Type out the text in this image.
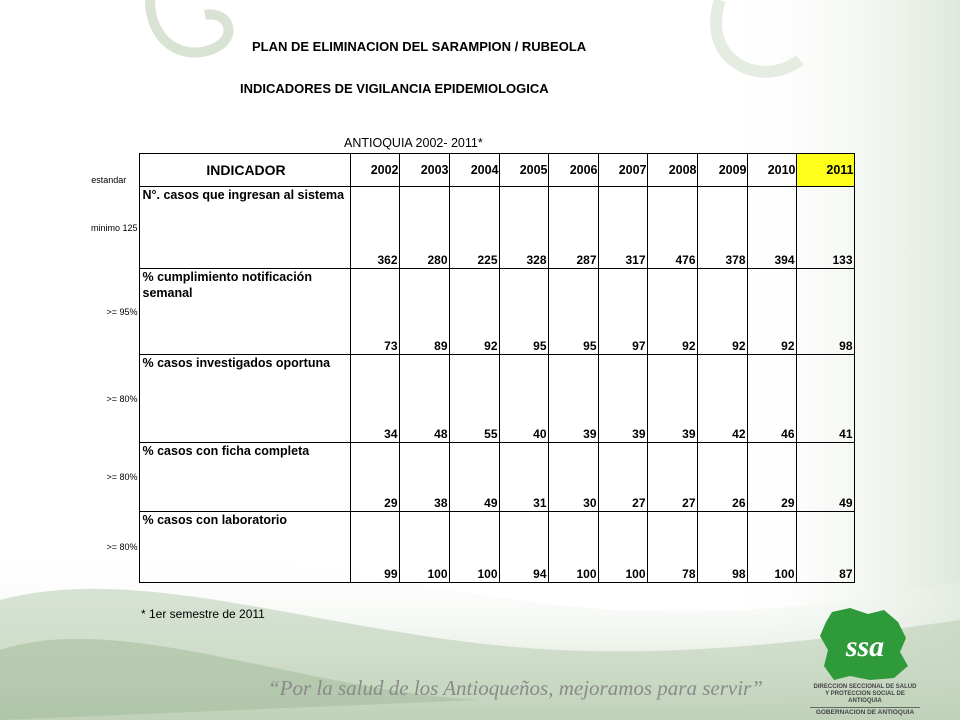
PLAN DE ELIMINACION DEL SARAMPION / RUBEOLA
INDICADORES DE VIGILANCIA EPIDEMIOLOGICA
ANTIOQUIA 2002- 2011*
estandar	INDICADOR	2002	2003	2004	2005	2006	2007	2008	2009	2010	2011
minimo 125	N°. casos que ingresan al sistema	362	280	225	328	287	317	476	378	394	133
>= 95%	% cumplimiento notificación semanal	73	89	92	95	95	97	92	92	92	98
>= 80%	% casos investigados oportuna	34	48	55	40	39	39	39	42	46	41
>= 80%	% casos con ficha completa	29	38	49	31	30	27	27	26	29	49
>= 80%	% casos con laboratorio	99	100	100	94	100	100	78	98	100	87
* 1er semestre de 2011
“Por la salud de los Antioqueños, mejoramos para servir”
ssa
DIRECCION SECCIONAL DE SALUD
Y PROTECCION SOCIAL DE ANTIOQUIA
GOBERNACION DE ANTIOQUIA
